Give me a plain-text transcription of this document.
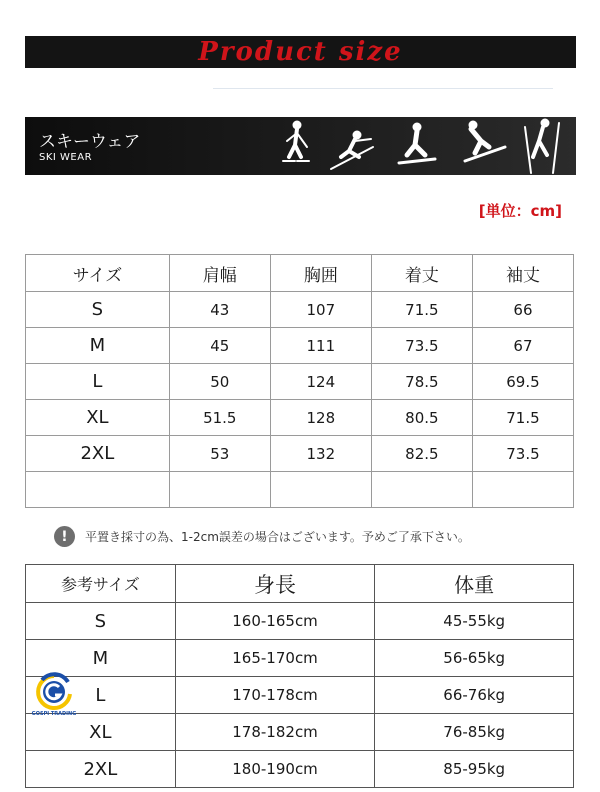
Product size
スキーウェア
SKI WEAR
[単位：cm]
サイズ	肩幅	胸囲	着丈	袖丈
S	43	107	71.5	66
M	45	111	73.5	67
L	50	124	78.5	69.5
XL	51.5	128	80.5	71.5
2XL	53	132	82.5	73.5

!	平置き採寸の為、1-2cm誤差の場合はございます。予めご了承下さい。
参考サイズ	身長	体重
S	160-165cm	45-55kg
M	165-170cm	56-65kg
L	170-178cm	66-76kg
XL	178-182cm	76-85kg
2XL	180-190cm	85-95kg
GOSPI TRADING
